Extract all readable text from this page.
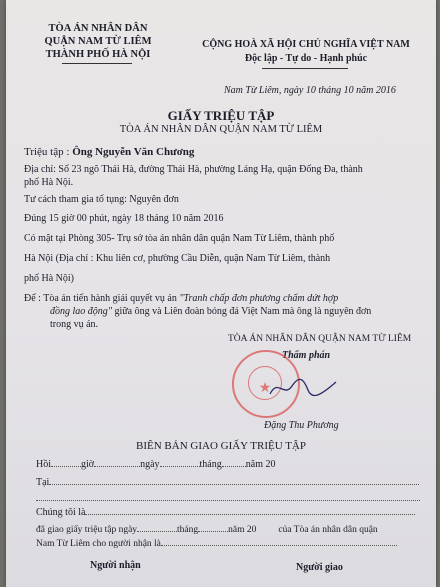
TÒA ÁN NHÂN DÂN
QUẬN NAM TỪ LIÊM
THÀNH PHỐ HÀ NỘI
CỘNG HOÀ XÃ HỘI CHỦ NGHĨA VIỆT NAM
Độc lập - Tự do - Hạnh phúc
Nam Từ Liêm, ngày 10 tháng 10 năm 2016
GIẤY TRIỆU TẬP
TÒA ÁN NHÂN DÂN QUẬN NAM TỪ LIÊM
Triệu tập : Ông Nguyễn Văn Chương
Địa chỉ: Số 23 ngõ Thái Hà, đường Thái Hà, phường Láng Hạ, quận Đống Đa, thành
phố Hà Nội.
Tư cách tham gia tố tụng: Nguyên đơn
Đúng 15 giờ 00 phút, ngày 18 tháng 10 năm 2016
Có mặt tại Phòng 305- Trụ sở tòa án nhân dân quận Nam Từ Liêm, thành phố
Hà Nội (Địa chỉ : Khu liên cơ, phường Cầu Diễn, quận Nam Từ Liêm, thành
phố Hà Nội)
Để : Tòa án tiến hành giải quyết vụ án "Tranh chấp đơn phương chấm dứt hợp
đồng lao động" giữa ông và Liên đoàn bóng đá Việt Nam mà ông là nguyên đơn
trong vụ án.
TÒA ÁN NHÂN DÂN QUẬN NAM TỪ LIÊM
Thẩm phán
★
Đặng Thu Phương
BIÊN BẢN GIAO GIẤY TRIỆU TẬP
Hồi	giờ	ngày	tháng năm 20
Tại
Chúng tôi là
đã giao giấy triệu tập ngày	tháng	năm 20 của Tòa án nhân dân quận
Nam Từ Liêm cho người nhận là
Người nhận	Người giao
